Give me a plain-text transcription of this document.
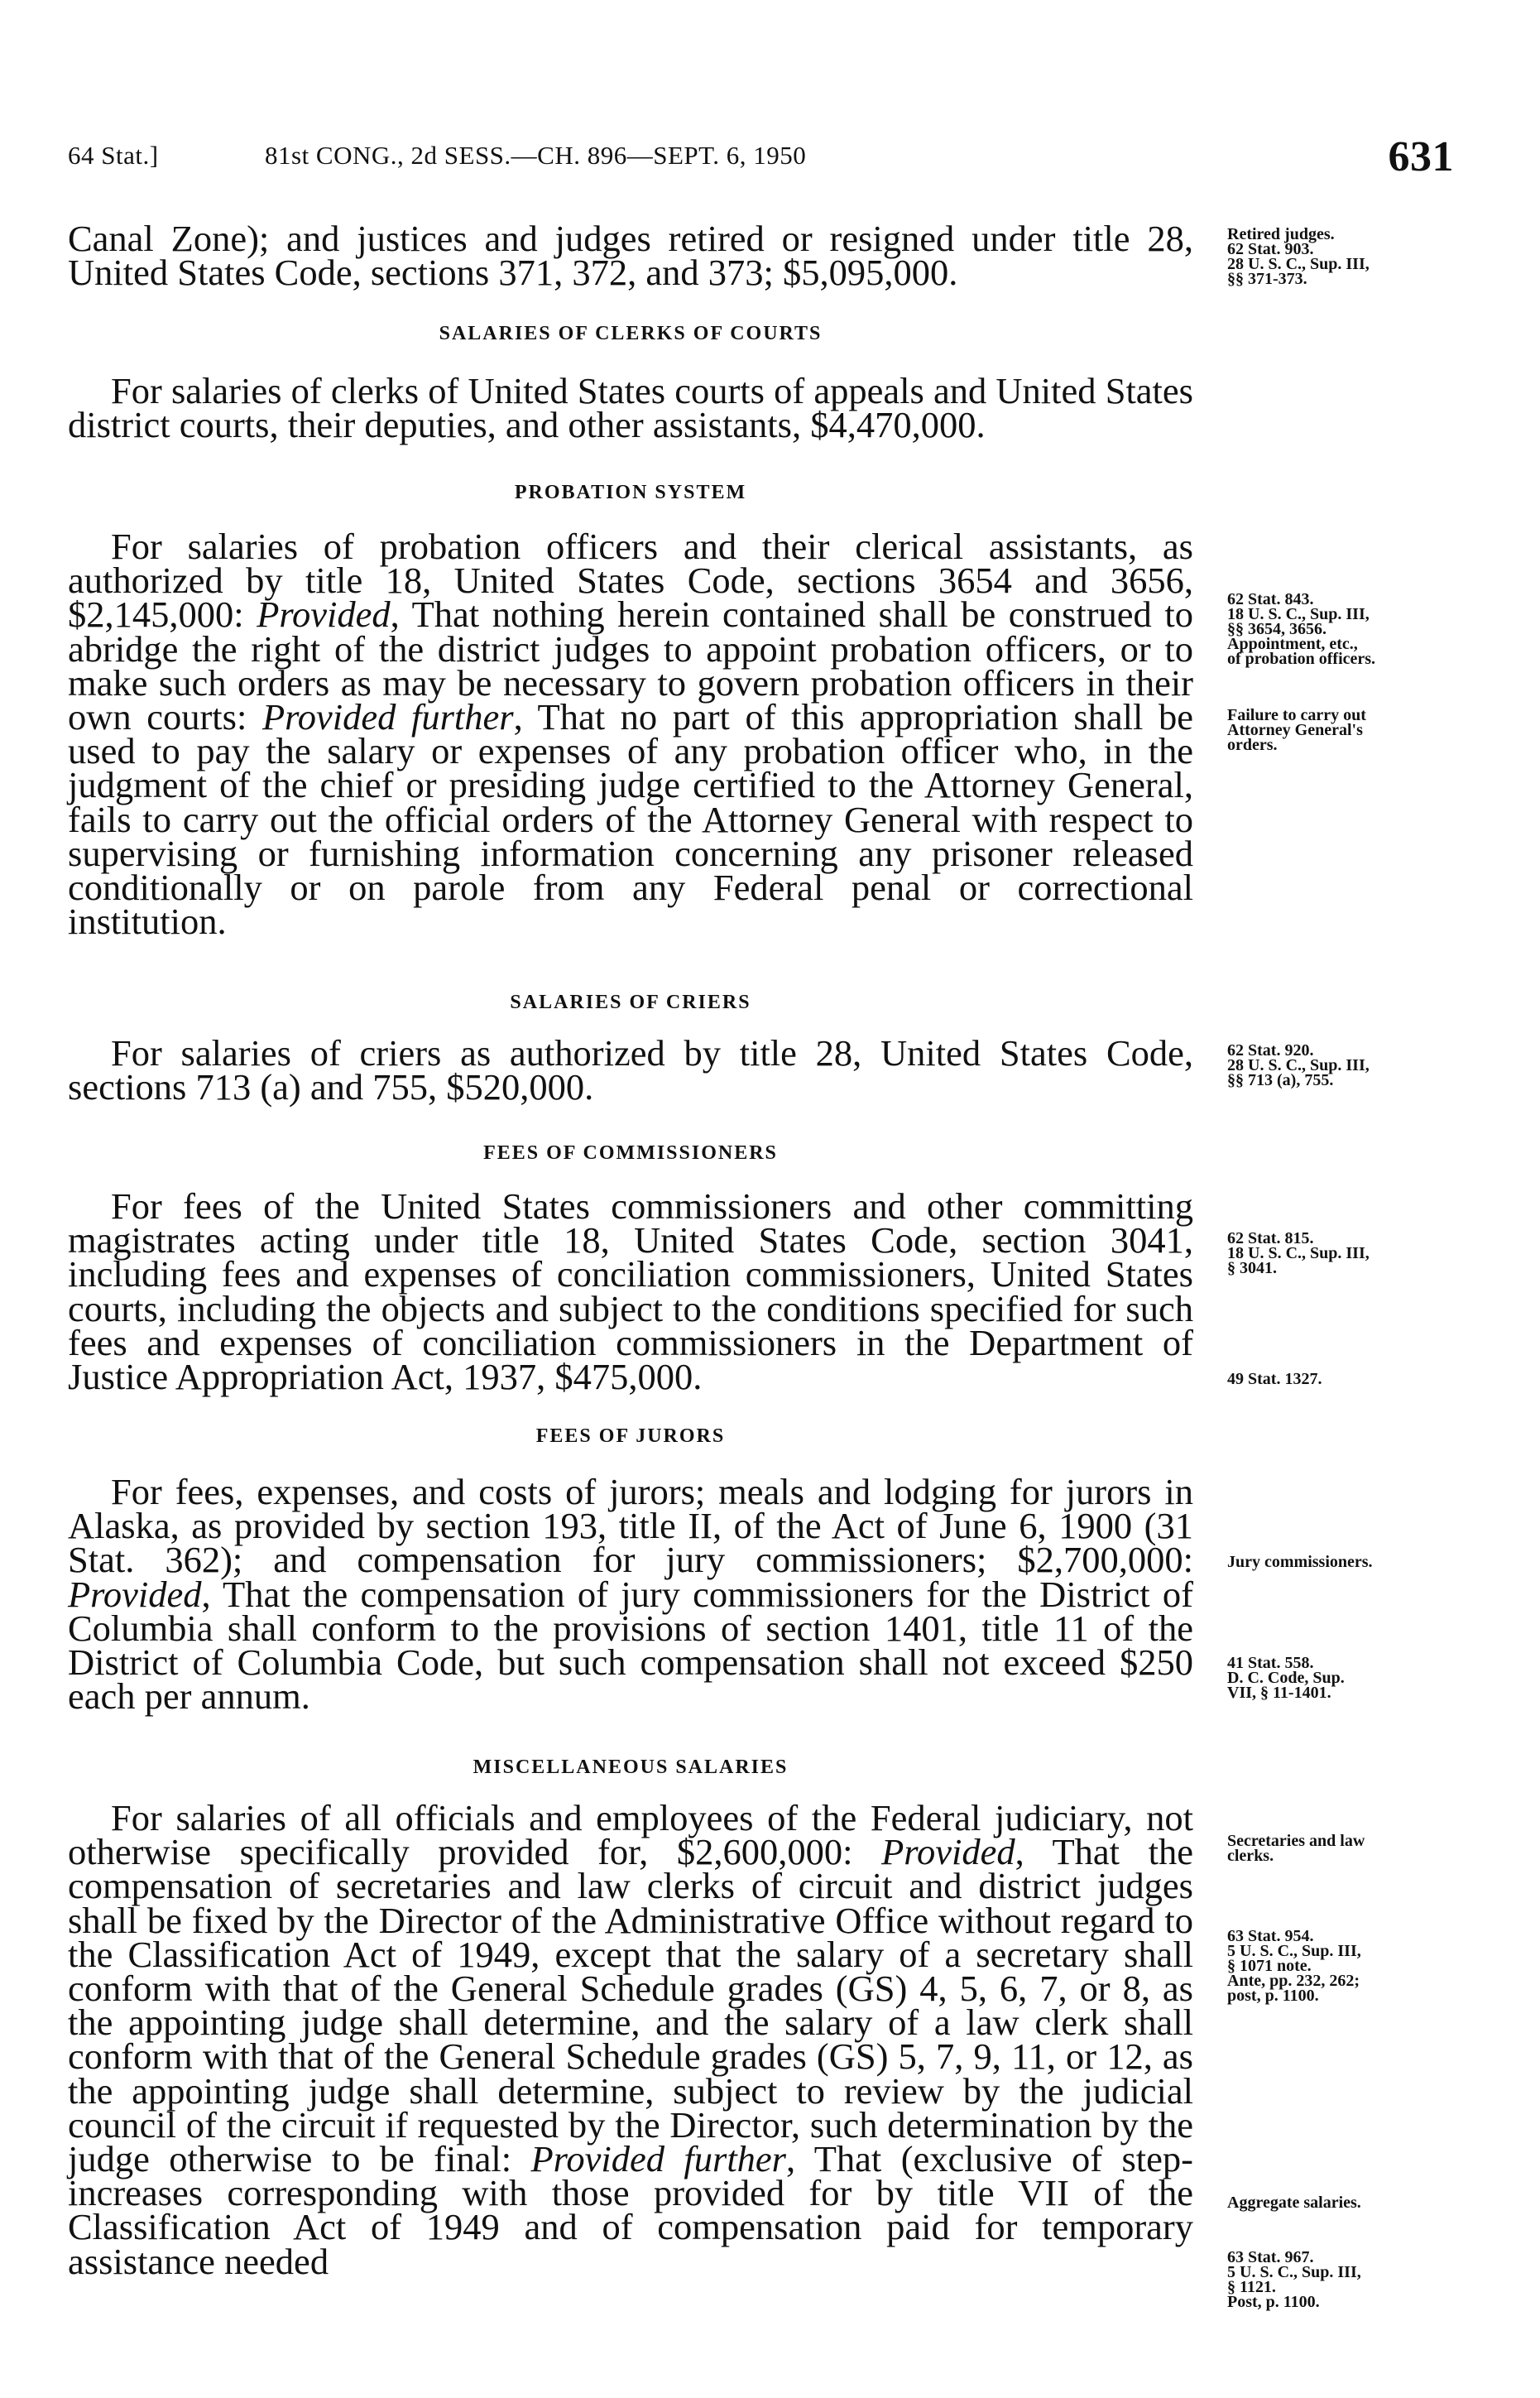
64 Stat.]	81st CONG., 2d SESS.—CH. 896—SEPT. 6, 1950	631

Canal Zone); and justices and judges retired or resigned under title 28, United States Code, sections 371, 372, and 373; $5,095,000.

SALARIES OF CLERKS OF COURTS

For salaries of clerks of United States courts of appeals and United States district courts, their deputies, and other assistants, $4,470,000.

PROBATION SYSTEM

For salaries of probation officers and their clerical assistants, as authorized by title 18, United States Code, sections 3654 and 3656, $2,145,000: Provided, That nothing herein contained shall be construed to abridge the right of the district judges to appoint probation officers, or to make such orders as may be necessary to govern probation officers in their own courts: Provided further, That no part of this appropriation shall be used to pay the salary or expenses of any probation officer who, in the judgment of the chief or presiding judge certified to the Attorney General, fails to carry out the official orders of the Attorney General with respect to supervising or furnishing information concerning any prisoner released conditionally or on parole from any Federal penal or correctional institution.

SALARIES OF CRIERS

For salaries of criers as authorized by title 28, United States Code, sections 713 (a) and 755, $520,000.

FEES OF COMMISSIONERS

For fees of the United States commissioners and other committing magistrates acting under title 18, United States Code, section 3041, including fees and expenses of conciliation commissioners, United States courts, including the objects and subject to the conditions specified for such fees and expenses of conciliation commissioners in the Department of Justice Appropriation Act, 1937, $475,000.

FEES OF JURORS

For fees, expenses, and costs of jurors; meals and lodging for jurors in Alaska, as provided by section 193, title II, of the Act of June 6, 1900 (31 Stat. 362); and compensation for jury commissioners; $2,700,000: Provided, That the compensation of jury commissioners for the District of Columbia shall conform to the provisions of section 1401, title 11 of the District of Columbia Code, but such compensation shall not exceed $250 each per annum.

MISCELLANEOUS SALARIES

For salaries of all officials and employees of the Federal judiciary, not otherwise specifically provided for, $2,600,000: Provided, That the compensation of secretaries and law clerks of circuit and district judges shall be fixed by the Director of the Administrative Office without regard to the Classification Act of 1949, except that the salary of a secretary shall conform with that of the General Schedule grades (GS) 4, 5, 6, 7, or 8, as the appointing judge shall determine, and the salary of a law clerk shall conform with that of the General Schedule grades (GS) 5, 7, 9, 11, or 12, as the appointing judge shall determine, subject to review by the judicial council of the circuit if requested by the Director, such determination by the judge otherwise to be final: Provided further, That (exclusive of step-increases corresponding with those provided for by title VII of the Classification Act of 1949 and of compensation paid for temporary assistance needed

Retired judges.
62 Stat. 903.
28 U. S. C., Sup. III,
§§ 371-373.
62 Stat. 843.
18 U. S. C., Sup. III,
§§ 3654, 3656.
Appointment, etc.,
of probation officers.
Failure to carry out
Attorney General's
orders.
62 Stat. 920.
28 U. S. C., Sup. III,
§§ 713 (a), 755.
62 Stat. 815.
18 U. S. C., Sup. III,
§ 3041.
49 Stat. 1327.
Jury commissioners.
41 Stat. 558.
D. C. Code, Sup.
VII, § 11-1401.
Secretaries and law
clerks.
63 Stat. 954.
5 U. S. C., Sup. III,
§ 1071 note.
Ante, pp. 232, 262;
post, p. 1100.
Aggregate salaries.
63 Stat. 967.
5 U. S. C., Sup. III,
§ 1121.
Post, p. 1100.
